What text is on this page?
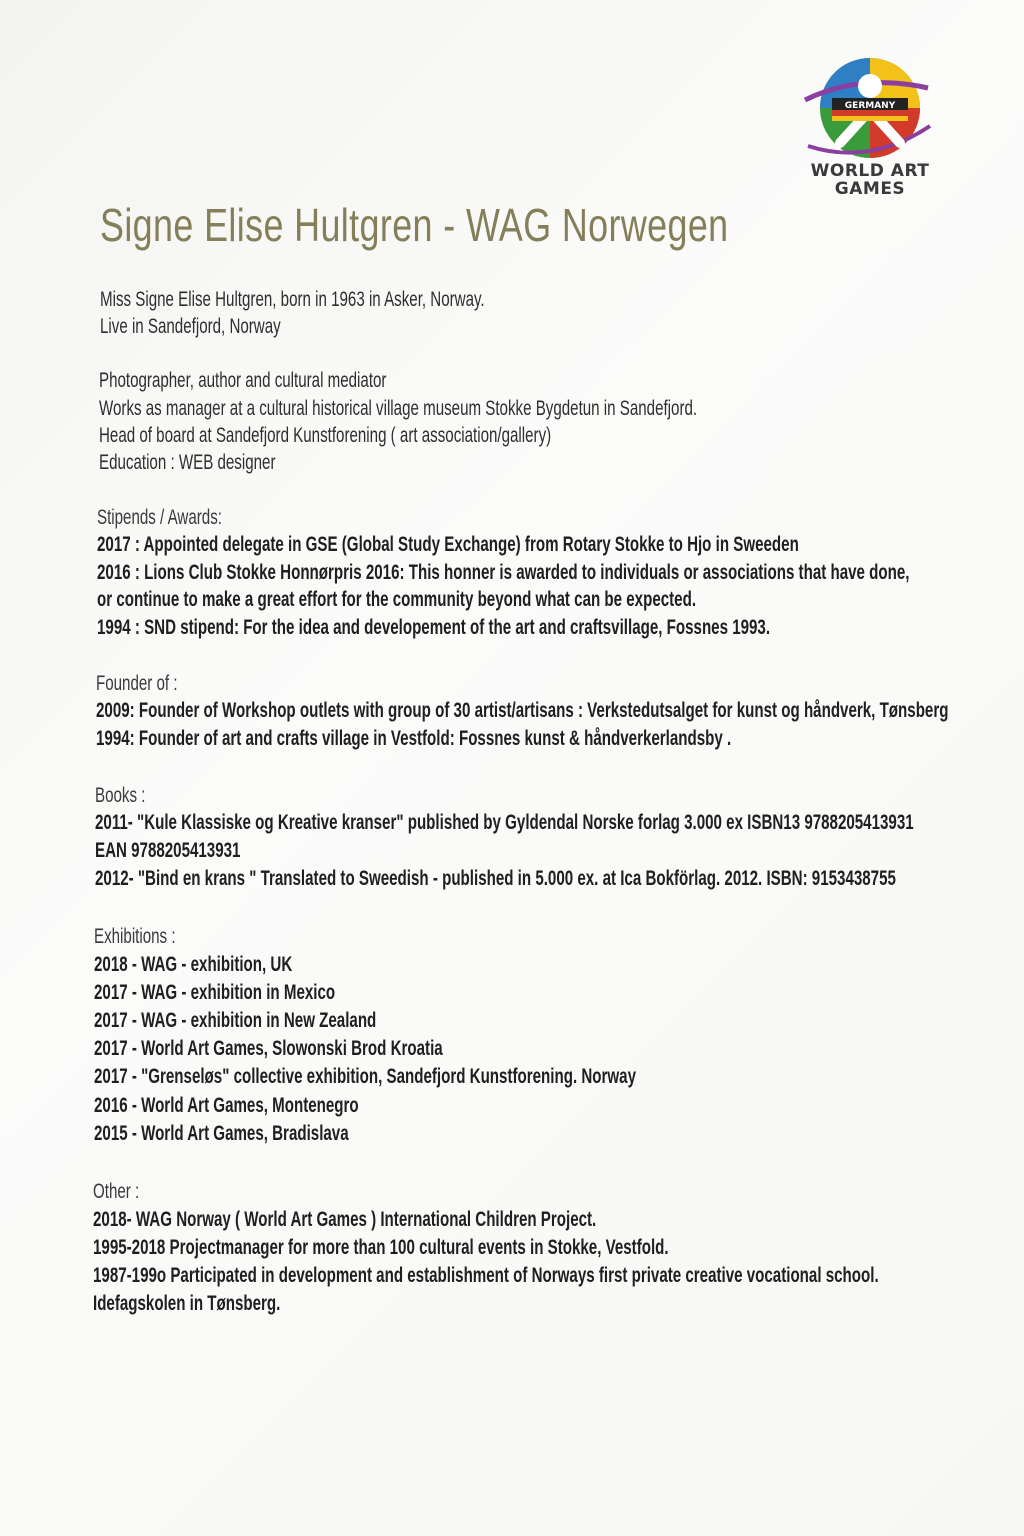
GERMANY
WORLD ART
GAMES
Signe Elise Hultgren - WAG Norwegen

Miss Signe Elise Hultgren, born in 1963 in Asker, Norway.

Live in Sandefjord, Norway

Photographer, author and cultural mediator

Works as manager at a cultural historical village museum Stokke Bygdetun in Sandefjord.

Head of board at Sandefjord Kunstforening ( art association/gallery)

Education : WEB designer

Stipends / Awards:

2017 : Appointed delegate in GSE (Global Study Exchange) from Rotary Stokke to Hjo in Sweeden

2016 : Lions Club Stokke Honnørpris 2016: This honner is awarded to individuals or associations that have done,

or continue to make a great effort for the community beyond what can be expected.

1994 : SND stipend: For the idea and developement of the art and craftsvillage, Fossnes 1993.

Founder of :

2009: Founder of Workshop outlets with group of 30 artist/artisans : Verkstedutsalget for kunst og håndverk, Tønsberg

1994: Founder of art and crafts village in Vestfold: Fossnes kunst & håndverkerlandsby .

Books :

2011- "Kule Klassiske og Kreative kranser" published by Gyldendal Norske forlag 3.000 ex ISBN13 9788205413931

EAN 9788205413931

2012- "Bind en krans " Translated to Sweedish - published in 5.000 ex. at Ica Bokförlag. 2012. ISBN: 9153438755

Exhibitions :

2018 - WAG - exhibition, UK

2017 - WAG - exhibition in Mexico

2017 - WAG - exhibition in New Zealand

2017 - World Art Games, Slowonski Brod Kroatia

2017 - "Grenseløs" collective exhibition, Sandefjord Kunstforening. Norway

2016 - World Art Games, Montenegro

2015 - World Art Games, Bradislava

Other :

2018- WAG Norway ( World Art Games ) International Children Project.

1995-2018 Projectmanager for more than 100 cultural events in Stokke, Vestfold.

1987-199o Participated in development and establishment of Norways first private creative vocational school.

Idefagskolen in Tønsberg.
